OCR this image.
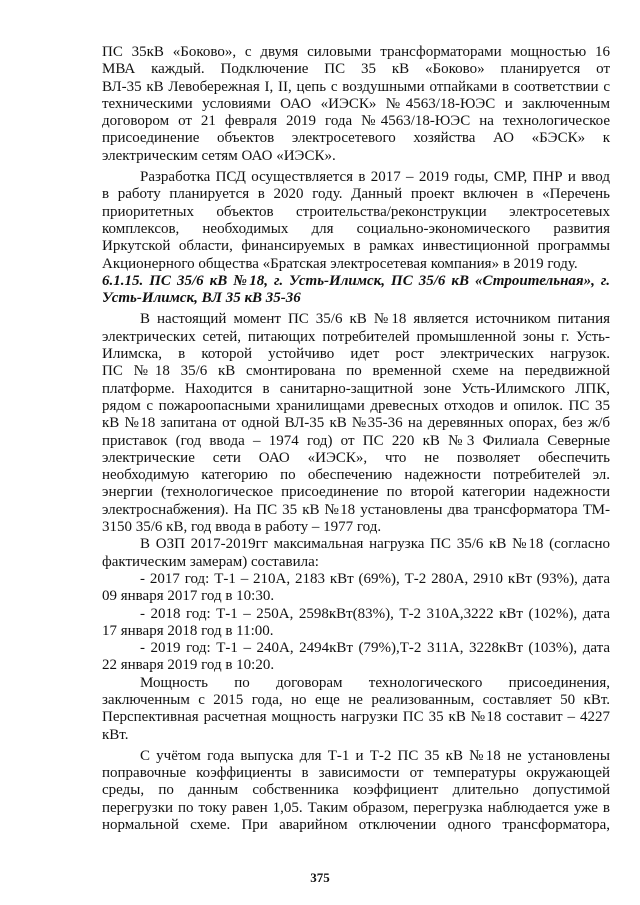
ПС 35кВ «Боково», с двумя силовыми трансформаторами мощностью 16
МВА каждый. Подключение ПС 35 кВ «Боково» планируется от
ВЛ-35 кВ Левобережная I, II, цепь с воздушными отпайками в соответствии с
техническими условиями ОАО «ИЭСК» №4563/18-ЮЭС и заключенным
договором от 21 февраля 2019 года №4563/18-ЮЭС на технологическое
присоединение объектов электросетевого хозяйства АО «БЭСК» к
электрическим сетям ОАО «ИЭСК».
Разработка ПСД осуществляется в 2017 – 2019 годы, СМР, ПНР и ввод
в работу планируется в 2020 году. Данный проект включен в «Перечень
приоритетных объектов строительства/реконструкции электросетевых
комплексов, необходимых для социально-экономического развития
Иркутской области, финансируемых в рамках инвестиционной программы
Акционерного общества «Братская электросетевая компания» в 2019 году.
6.1.15. ПС 35/6 кВ №18, г. Усть-Илимск, ПС 35/6 кВ «Строительная», г.
Усть-Илимск, ВЛ 35 кВ 35-36
В настоящий момент ПС 35/6 кВ №18 является источником питания
электрических сетей, питающих потребителей промышленной зоны г. Усть-
Илимска, в которой устойчиво идет рост электрических нагрузок.
ПС №18 35/6 кВ смонтирована по временной схеме на передвижной
платформе. Находится в санитарно-защитной зоне Усть-Илимского ЛПК,
рядом с пожароопасными хранилищами древесных отходов и опилок. ПС 35
кВ №18 запитана от одной ВЛ-35 кВ №35-36 на деревянных опорах, без ж/б
приставок (год ввода – 1974 год) от ПС 220 кВ №3 Филиала Северные
электрические сети ОАО «ИЭСК», что не позволяет обеспечить
необходимую категорию по обеспечению надежности потребителей эл.
энергии (технологическое присоединение по второй категории надежности
электроснабжения). На ПС 35 кВ №18 установлены два трансформатора ТМ-
3150 35/6 кВ, год ввода в работу – 1977 год.
В ОЗП 2017-2019гг максимальная нагрузка ПС 35/6 кВ №18 (согласно
фактическим замерам) составила:
- 2017 год: Т-1 – 210А, 2183 кВт (69%), Т-2 280А, 2910 кВт (93%), дата
09 января 2017 год в 10:30.
- 2018 год: Т-1 – 250А, 2598кВт(83%), Т-2 310А,3222 кВт (102%), дата
17 января 2018 год в 11:00.
- 2019 год: Т-1 – 240А, 2494кВт (79%),Т-2 311А, 3228кВт (103%), дата
22 января 2019 год в 10:20.
Мощность по договорам технологического присоединения,
заключенным с 2015 года, но еще не реализованным, составляет 50 кВт.
Перспективная расчетная мощность нагрузки ПС 35 кВ №18 составит – 4227
кВт.
С учётом года выпуска для Т-1 и Т-2 ПС 35 кВ №18 не установлены
поправочные коэффициенты в зависимости от температуры окружающей
среды, по данным собственника коэффициент длительно допустимой
перегрузки по току равен 1,05. Таким образом, перегрузка наблюдается уже в
нормальной схеме. При аварийном отключении одного трансформатора,
375
